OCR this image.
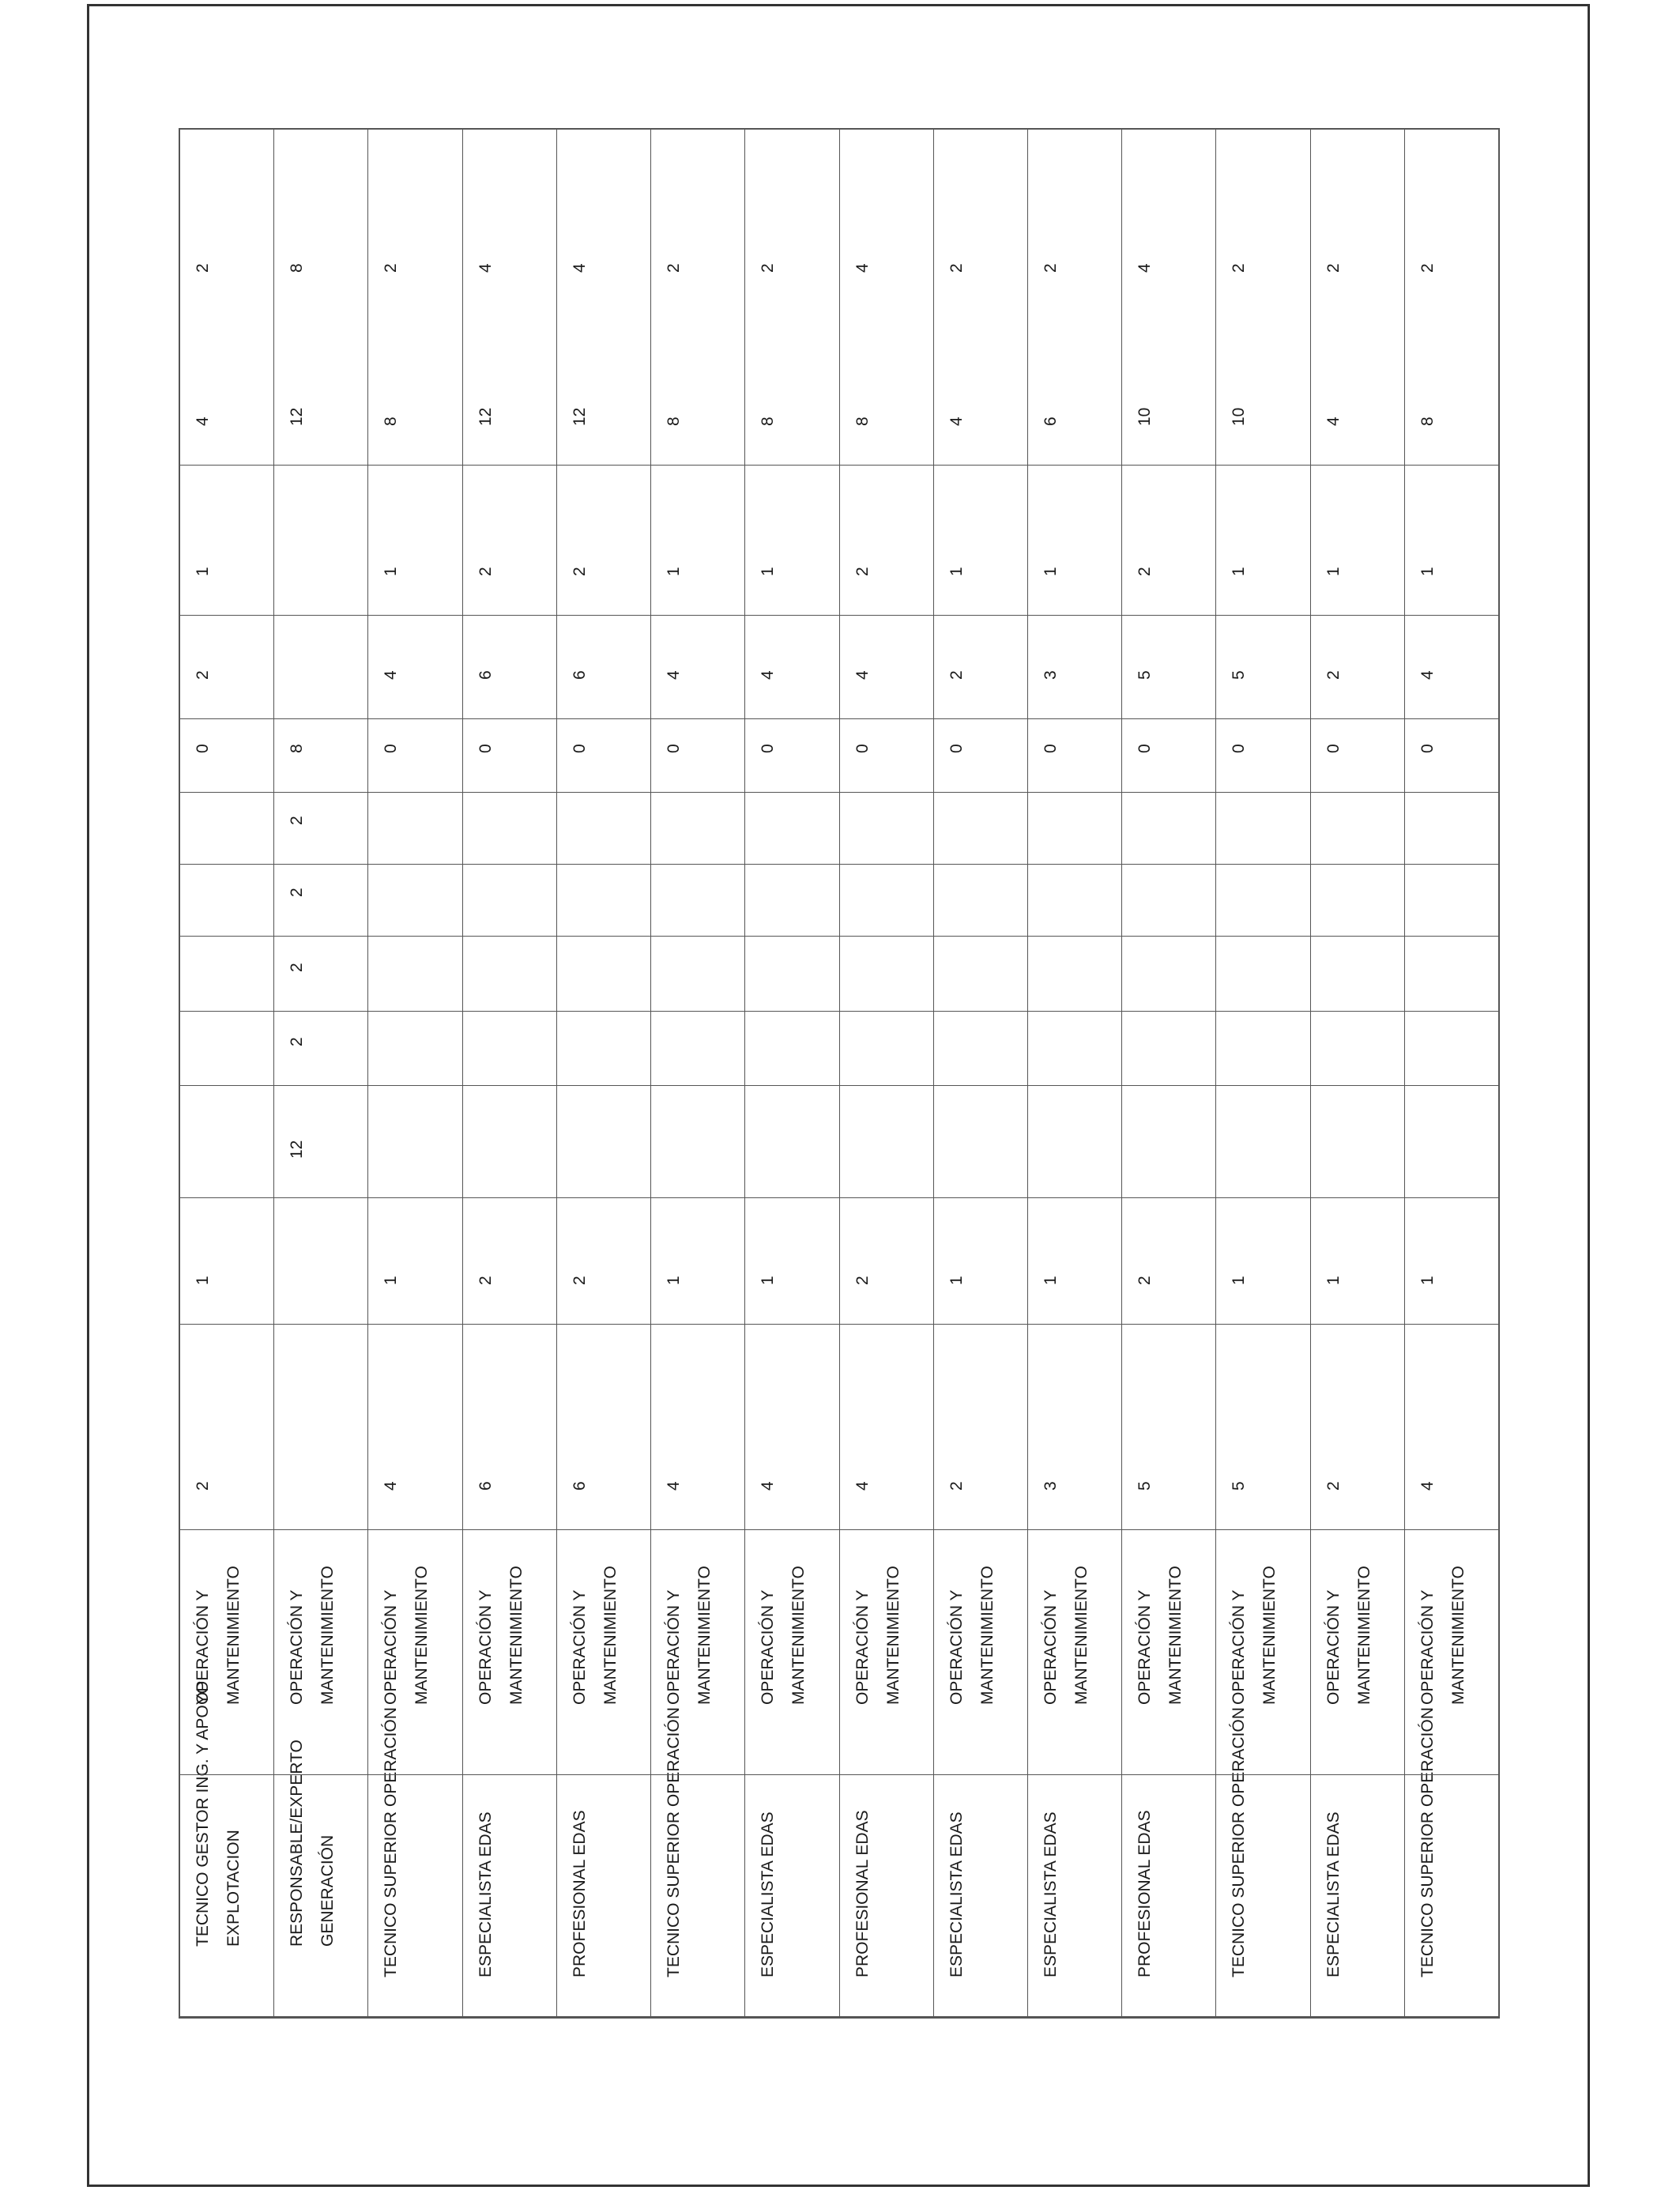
TECNICO GESTOR ING. Y APOYO
EXPLOTACION
OPERACIÓN Y
MANTENIMIENTO
2
1
0
2
1
4
2
RESPONSABLE/EXPERTO
GENERACIÓN
OPERACIÓN Y
MANTENIMIENTO
12
2
2
2
2
8
12
8
TECNICO SUPERIOR OPERACIÓN
OPERACIÓN Y
MANTENIMIENTO
4
1
0
4
1
8
2
ESPECIALISTA EDAS
OPERACIÓN Y
MANTENIMIENTO
6
2
0
6
2
12
4
PROFESIONAL EDAS
OPERACIÓN Y
MANTENIMIENTO
6
2
0
6
2
12
4
TECNICO SUPERIOR OPERACIÓN
OPERACIÓN Y
MANTENIMIENTO
4
1
0
4
1
8
2
ESPECIALISTA EDAS
OPERACIÓN Y
MANTENIMIENTO
4
1
0
4
1
8
2
PROFESIONAL EDAS
OPERACIÓN Y
MANTENIMIENTO
4
2
0
4
2
8
4
ESPECIALISTA EDAS
OPERACIÓN Y
MANTENIMIENTO
2
1
0
2
1
4
2
ESPECIALISTA EDAS
OPERACIÓN Y
MANTENIMIENTO
3
1
0
3
1
6
2
PROFESIONAL EDAS
OPERACIÓN Y
MANTENIMIENTO
5
2
0
5
2
10
4
TECNICO SUPERIOR OPERACIÓN
OPERACIÓN Y
MANTENIMIENTO
5
1
0
5
1
10
2
ESPECIALISTA EDAS
OPERACIÓN Y
MANTENIMIENTO
2
1
0
2
1
4
2
TECNICO SUPERIOR OPERACIÓN
OPERACIÓN Y
MANTENIMIENTO
4
1
0
4
1
8
2
